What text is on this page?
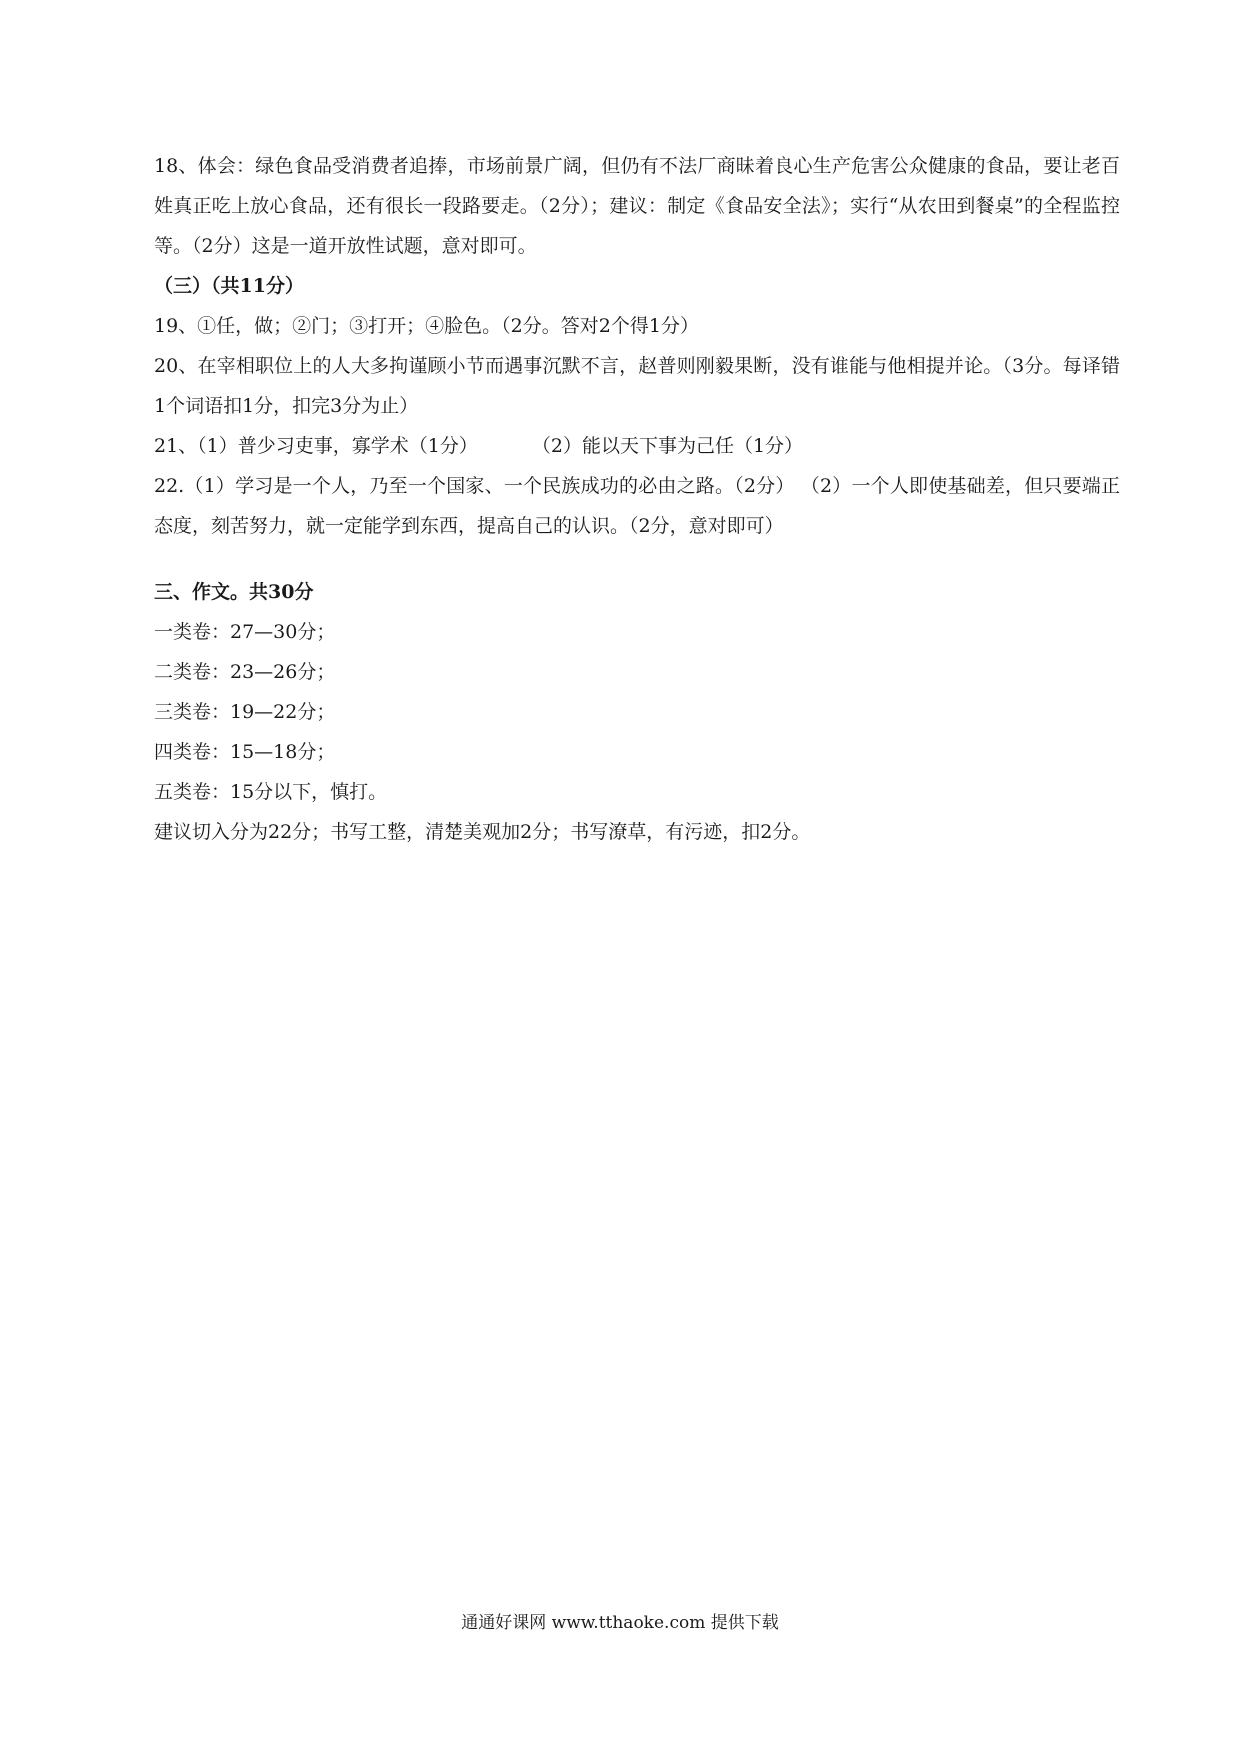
18、体会：绿色食品受消费者追捧，市场前景广阔，但仍有不法厂商昧着良心生产危害公众健康的食品，要让老百姓真正吃上放心食品，还有很长一段路要走。（2分）；建议：制定《食品安全法》；实行“从农田到餐桌”的全程监控等。（2分）这是一道开放性试题，意对即可。

（三）（共11分）

19、①任，做；②门；③打开；④脸色。（2分。答对2个得1分）

20、在宰相职位上的人大多拘谨顾小节而遇事沉默不言，赵普则刚毅果断，没有谁能与他相提并论。（3分。每译错1个词语扣1分，扣完3分为止）

21、（1）普少习吏事，寡学术（1分）	（2）能以天下事为己任（1分）

22.（1）学习是一个人，乃至一个国家、一个民族成功的必由之路。（2分） （2）一个人即使基础差，但只要端正态度，刻苦努力，就一定能学到东西，提高自己的认识。（2分，意对即可）

三、作文。共30分

一类卷：27—30分；

二类卷：23—26分；

三类卷：19—22分；

四类卷：15—18分；

五类卷：15分以下，慎打。

建议切入分为22分；书写工整，清楚美观加2分；书写潦草，有污迹，扣2分。

通通好课网 www.tthaoke.com 提供下载
